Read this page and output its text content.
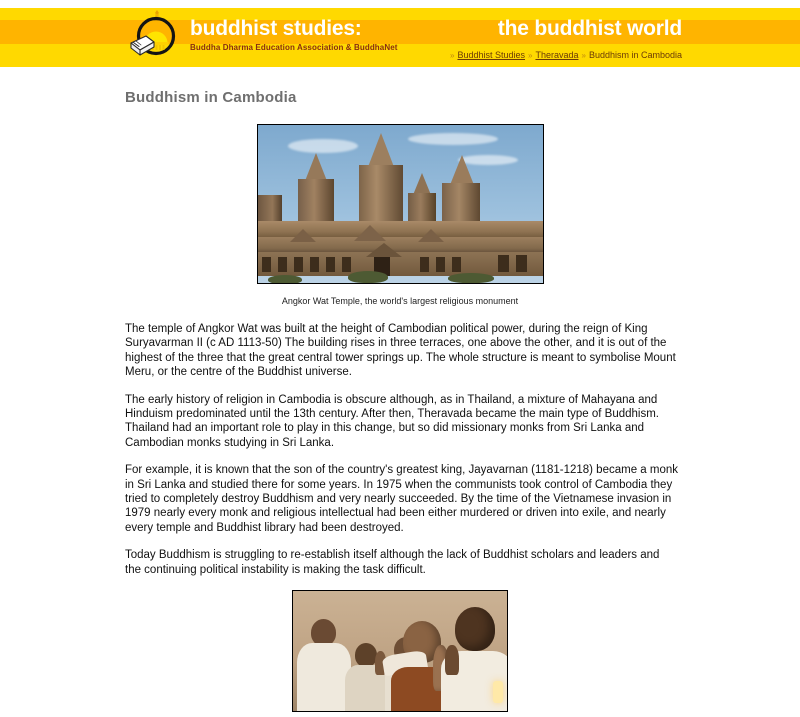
buddhist studies:
Buddha Dharma Education Association & BuddhaNet
the buddhist world
» Buddhist Studies » Theravada » Buddhism in Cambodia
Buddhism in Cambodia
Angkor Wat Temple, the world's largest religious monument

The temple of Angkor Wat was built at the height of Cambodian political power, during the reign of King Suryavarman II (c AD 1113-50) The building rises in three terraces, one above the other, and it is out of the highest of the three that the great central tower springs up. The whole structure is meant to symbolise Mount Meru, or the centre of the Buddhist universe.

The early history of religion in Cambodia is obscure although, as in Thailand, a mixture of Mahayana and Hinduism predominated until the 13th century. After then, Theravada became the main type of Buddhism. Thailand had an important role to play in this change, but so did missionary monks from Sri Lanka and Cambodian monks studying in Sri Lanka.

For example, it is known that the son of the country's greatest king, Jayavarnan (1181-1218) became a monk in Sri Lanka and studied there for some years. In 1975 when the communists took control of Cambodia they tried to completely destroy Buddhism and very nearly succeeded. By the time of the Vietnamese invasion in 1979 nearly every monk and religious intellectual had been either murdered or driven into exile, and nearly every temple and Buddhist library had been destroyed.

Today Buddhism is struggling to re-establish itself although the lack of Buddhist scholars and leaders and the continuing political instability is making the task difficult.
